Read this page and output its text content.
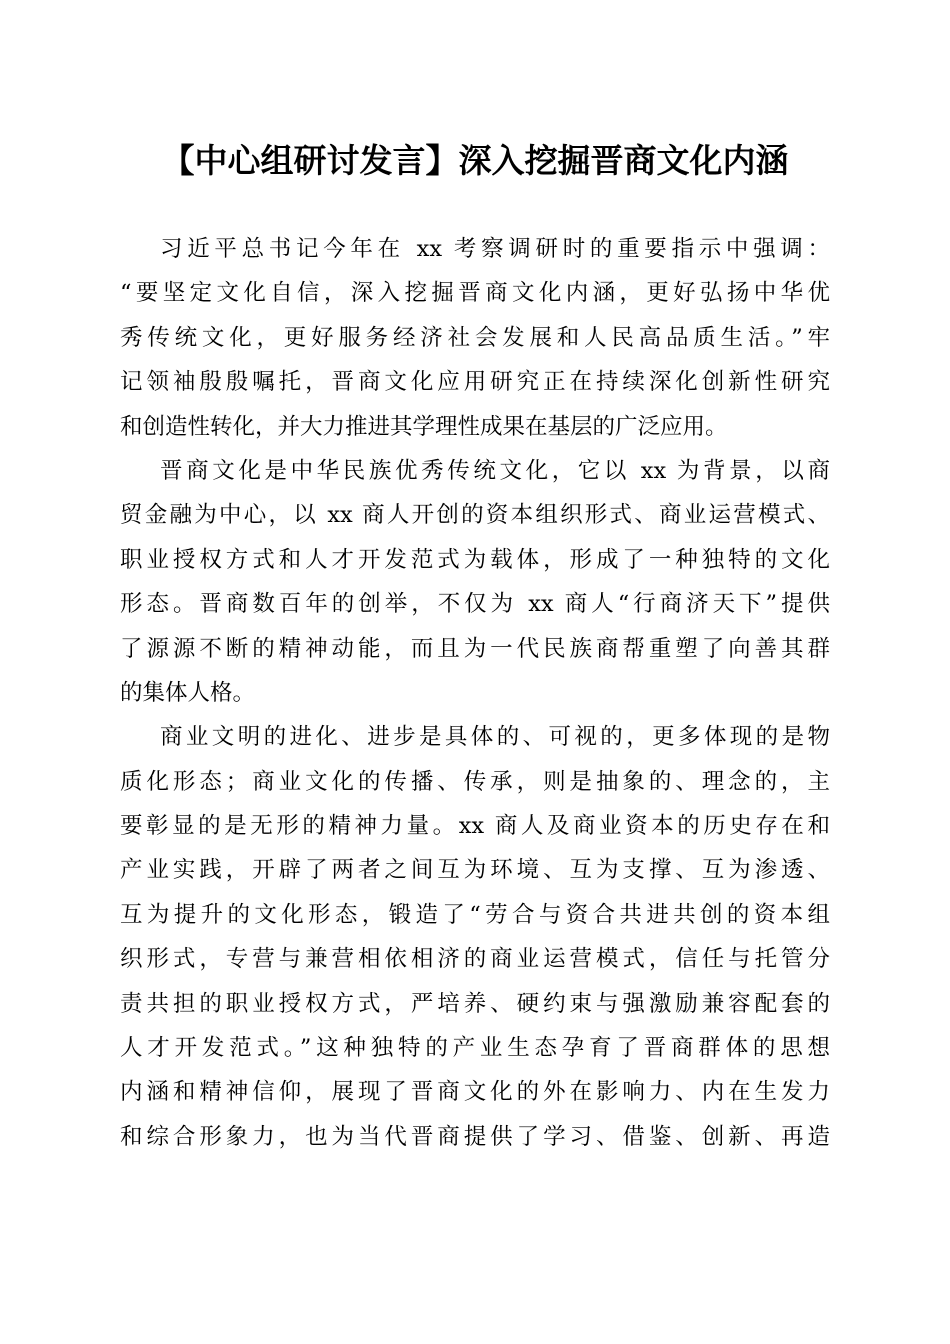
【中心组研讨发言】深入挖掘晋商文化内涵
习近平总书记今年在 xx 考察调研时的重要指示中强调：
“要坚定文化自信，深入挖掘晋商文化内涵，更好弘扬中华优
秀传统文化，更好服务经济社会发展和人民高品质生活。”牢
记领袖殷殷嘱托，晋商文化应用研究正在持续深化创新性研究
和创造性转化，并大力推进其学理性成果在基层的广泛应用。
晋商文化是中华民族优秀传统文化，它以 xx 为背景，以商
贸金融为中心，以 xx 商人开创的资本组织形式、商业运营模式、
职业授权方式和人才开发范式为载体，形成了一种独特的文化
形态。晋商数百年的创举，不仅为 xx 商人“行商济天下”提供
了源源不断的精神动能，而且为一代民族商帮重塑了向善其群
的集体人格。
商业文明的进化、进步是具体的、可视的，更多体现的是物
质化形态；商业文化的传播、传承，则是抽象的、理念的，主
要彰显的是无形的精神力量。xx 商人及商业资本的历史存在和
产业实践，开辟了两者之间互为环境、互为支撑、互为渗透、
互为提升的文化形态，锻造了“劳合与资合共进共创的资本组
织形式，专营与兼营相依相济的商业运营模式，信任与托管分
责共担的职业授权方式，严培养、硬约束与强激励兼容配套的
人才开发范式。”这种独特的产业生态孕育了晋商群体的思想
内涵和精神信仰，展现了晋商文化的外在影响力、内在生发力
和综合形象力，也为当代晋商提供了学习、借鉴、创新、再造
